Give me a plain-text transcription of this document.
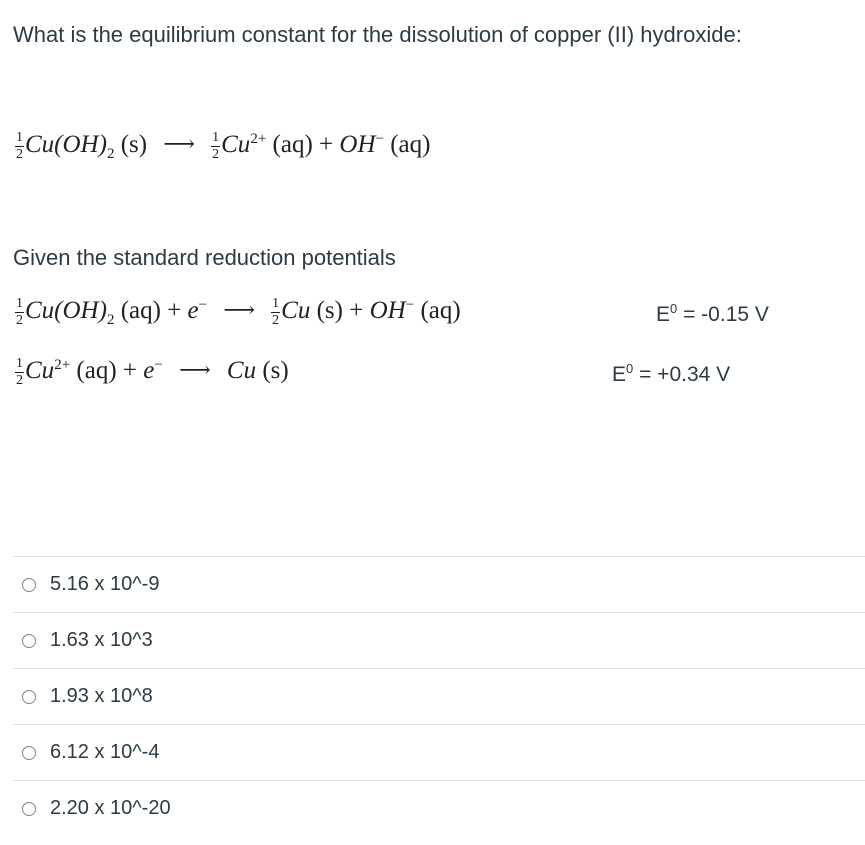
What is the equilibrium constant for the dissolution of copper (II) hydroxide:
$\frac{1}{2} Cu(OH)_2$ (s) ⟶ $\frac{1}{2} Cu^{2+}$ (aq) + OH− (aq)
Given the standard reduction potentials
$\frac{1}{2} Cu(OH)_2$ (aq) + e− ⟶ $\frac{1}{2}$ Cu (s) + OH− (aq)	$E^0 = -0.15$ V
$\frac{1}{2} Cu^{2+}$ (aq) + e− ⟶ Cu (s)	$E^0 = +0.34$ V
5.16 x 10^-9
1.63 x 10^3
1.93 x 10^8
6.12 x 10^-4
2.20 x 10^-20
